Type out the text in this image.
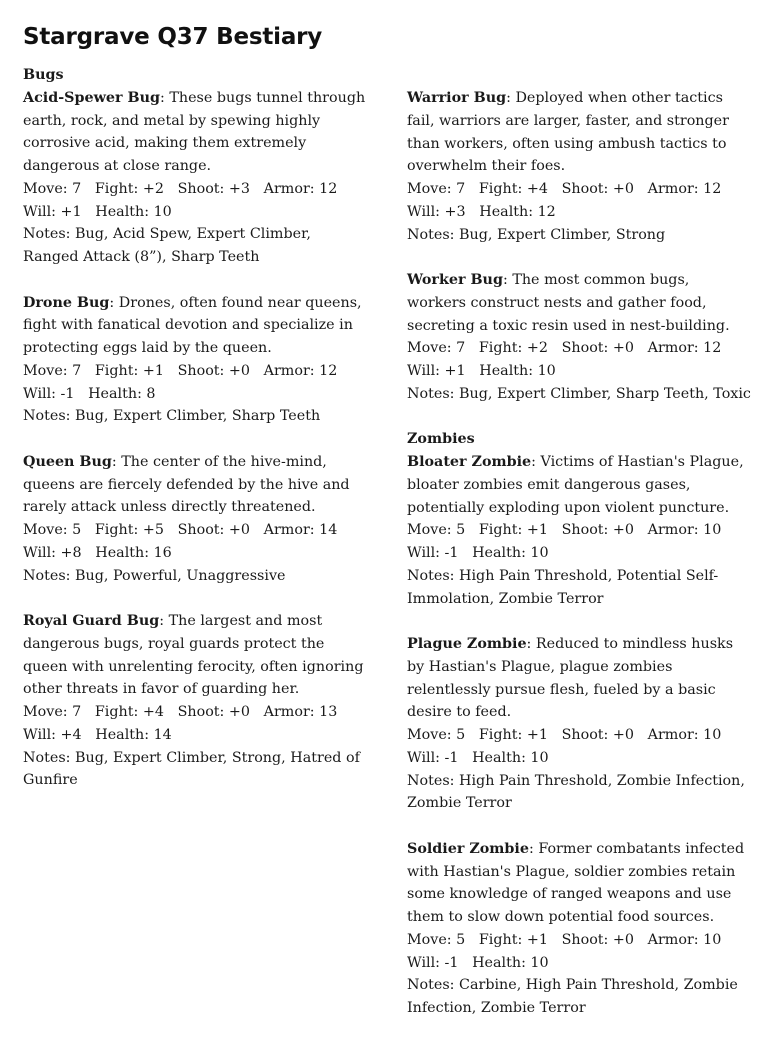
Stargrave Q37 Bestiary
Bugs

Acid-Spewer Bug: These bugs tunnel through earth, rock, and metal by spewing highly corrosive acid, making them extremely dangerous at close range.

Move: 7 Fight: +2 Shoot: +3 Armor: 12

Will: +1 Health: 10

Notes: Bug, Acid Spew, Expert Climber, Ranged Attack (8”), Sharp Teeth

Drone Bug: Drones, often found near queens, fight with fanatical devotion and specialize in protecting eggs laid by the queen.

Move: 7 Fight: +1 Shoot: +0 Armor: 12

Will: -1 Health: 8

Notes: Bug, Expert Climber, Sharp Teeth

Queen Bug: The center of the hive-mind, queens are fiercely defended by the hive and rarely attack unless directly threatened.

Move: 5 Fight: +5 Shoot: +0 Armor: 14

Will: +8 Health: 16

Notes: Bug, Powerful, Unaggressive

Royal Guard Bug: The largest and most dangerous bugs, royal guards protect the queen with unrelenting ferocity, often ignoring other threats in favor of guarding her.

Move: 7 Fight: +4 Shoot: +0 Armor: 13

Will: +4 Health: 14

Notes: Bug, Expert Climber, Strong, Hatred of Gunfire

Warrior Bug: Deployed when other tactics fail, warriors are larger, faster, and stronger than workers, often using ambush tactics to overwhelm their foes.

Move: 7 Fight: +4 Shoot: +0 Armor: 12

Will: +3 Health: 12

Notes: Bug, Expert Climber, Strong

Worker Bug: The most common bugs, workers construct nests and gather food, secreting a toxic resin used in nest-building.

Move: 7 Fight: +2 Shoot: +0 Armor: 12

Will: +1 Health: 10

Notes: Bug, Expert Climber, Sharp Teeth, Toxic

Zombies

Bloater Zombie: Victims of Hastian's Plague, bloater zombies emit dangerous gases, potentially exploding upon violent puncture.

Move: 5 Fight: +1 Shoot: +0 Armor: 10

Will: -1 Health: 10

Notes: High Pain Threshold, Potential Self-Immolation, Zombie Terror

Plague Zombie: Reduced to mindless husks by Hastian's Plague, plague zombies relentlessly pursue flesh, fueled by a basic desire to feed.

Move: 5 Fight: +1 Shoot: +0 Armor: 10

Will: -1 Health: 10

Notes: High Pain Threshold, Zombie Infection, Zombie Terror

Soldier Zombie: Former combatants infected with Hastian's Plague, soldier zombies retain some knowledge of ranged weapons and use them to slow down potential food sources.

Move: 5 Fight: +1 Shoot: +0 Armor: 10

Will: -1 Health: 10

Notes: Carbine, High Pain Threshold, Zombie Infection, Zombie Terror
